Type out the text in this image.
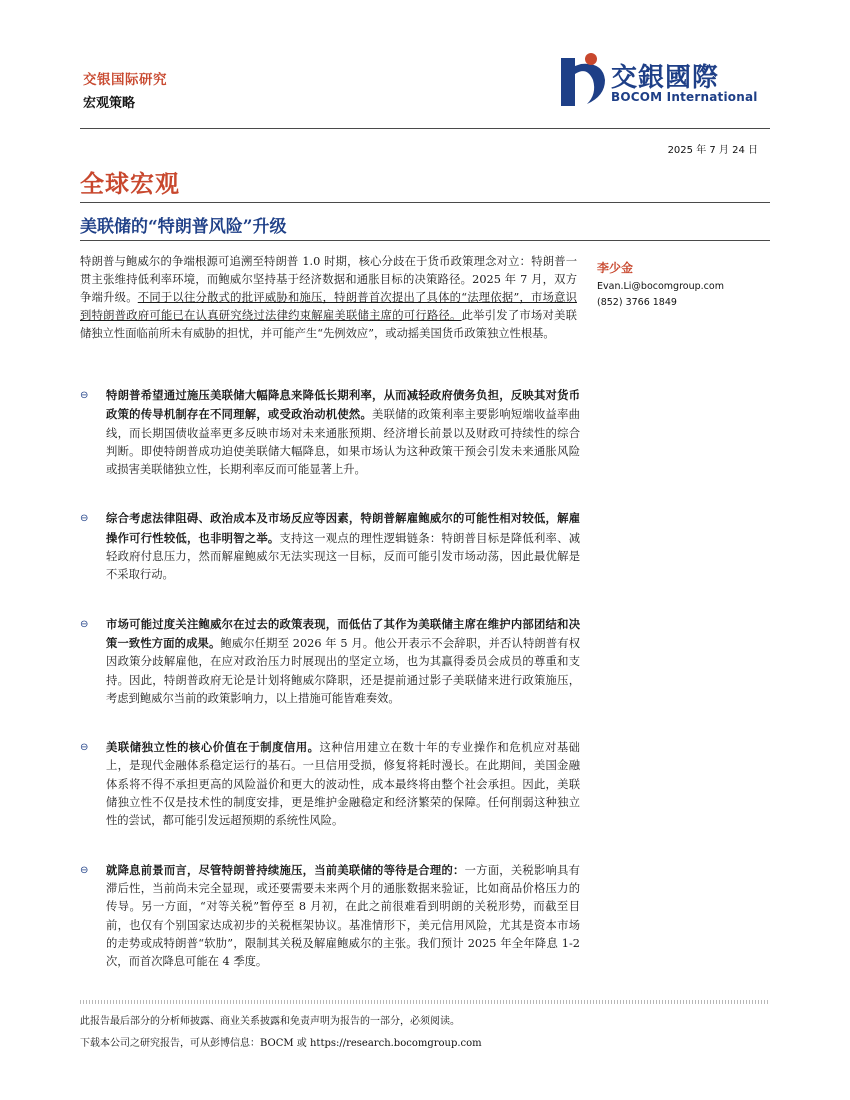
交银国际研究
宏观策略
交銀國際
BOCOM International
2025 年 7 月 24 日
全球宏观
美联储的“特朗普风险”升级
李少金
Evan.Li@bocomgroup.com
(852) 3766 1849
特朗普与鲍威尔的争端根源可追溯至特朗普 1.0 时期，核心分歧在于货币政策理念对立：特朗普一贯主张维持低利率环境，而鲍威尔坚持基于经济数据和通胀目标的决策路径。2025 年 7 月，双方争端升级。不同于以往分散式的批评威胁和施压，特朗普首次提出了具体的“法理依据”，市场意识到特朗普政府可能已在认真研究绕过法律约束解雇美联储主席的可行路径。此举引发了市场对美联储独立性面临前所未有威胁的担忧，并可能产生“先例效应”，或动摇美国货币政策独立性根基。
⊖ 特朗普希望通过施压美联储大幅降息来降低长期利率，从而减轻政府债务负担，反映其对货币政策的传导机制存在不同理解，或受政治动机使然。美联储的政策利率主要影响短端收益率曲线，而长期国债收益率更多反映市场对未来通胀预期、经济增长前景以及财政可持续性的综合判断。即使特朗普成功迫使美联储大幅降息，如果市场认为这种政策干预会引发未来通胀风险或损害美联储独立性，长期利率反而可能显著上升。
⊖ 综合考虑法律阻碍、政治成本及市场反应等因素，特朗普解雇鲍威尔的可能性相对较低，解雇操作可行性较低，也非明智之举。支持这一观点的理性逻辑链条：特朗普目标是降低利率、减轻政府付息压力，然而解雇鲍威尔无法实现这一目标，反而可能引发市场动荡，因此最优解是不采取行动。
⊖ 市场可能过度关注鲍威尔在过去的政策表现，而低估了其作为美联储主席在维护内部团结和决策一致性方面的成果。鲍威尔任期至 2026 年 5 月。他公开表示不会辞职，并否认特朗普有权因政策分歧解雇他，在应对政治压力时展现出的坚定立场，也为其赢得委员会成员的尊重和支持。因此，特朗普政府无论是计划将鲍威尔降职，还是提前通过影子美联储来进行政策施压，考虑到鲍威尔当前的政策影响力，以上措施可能皆难奏效。
⊖ 美联储独立性的核心价值在于制度信用。这种信用建立在数十年的专业操作和危机应对基础上，是现代金融体系稳定运行的基石。一旦信用受损，修复将耗时漫长。在此期间，美国金融体系将不得不承担更高的风险溢价和更大的波动性，成本最终将由整个社会承担。因此，美联储独立性不仅是技术性的制度安排，更是维护金融稳定和经济繁荣的保障。任何削弱这种独立性的尝试，都可能引发远超预期的系统性风险。
⊖ 就降息前景而言，尽管特朗普持续施压，当前美联储的等待是合理的：一方面，关税影响具有滞后性，当前尚未完全显现，或还要需要未来两个月的通胀数据来验证，比如商品价格压力的传导。另一方面，“对等关税”暂停至 8 月初，在此之前很难看到明朗的关税形势，而截至目前，也仅有个别国家达成初步的关税框架协议。基准情形下，美元信用风险，尤其是资本市场的走势或成特朗普“软肋”，限制其关税及解雇鲍威尔的主张。我们预计 2025 年全年降息 1-2 次，而首次降息可能在 4 季度。
此报告最后部分的分析师披露、商业关系披露和免责声明为报告的一部分，必须阅读。
下载本公司之研究报告，可从彭博信息：BOCM 或 https://research.bocomgroup.com
